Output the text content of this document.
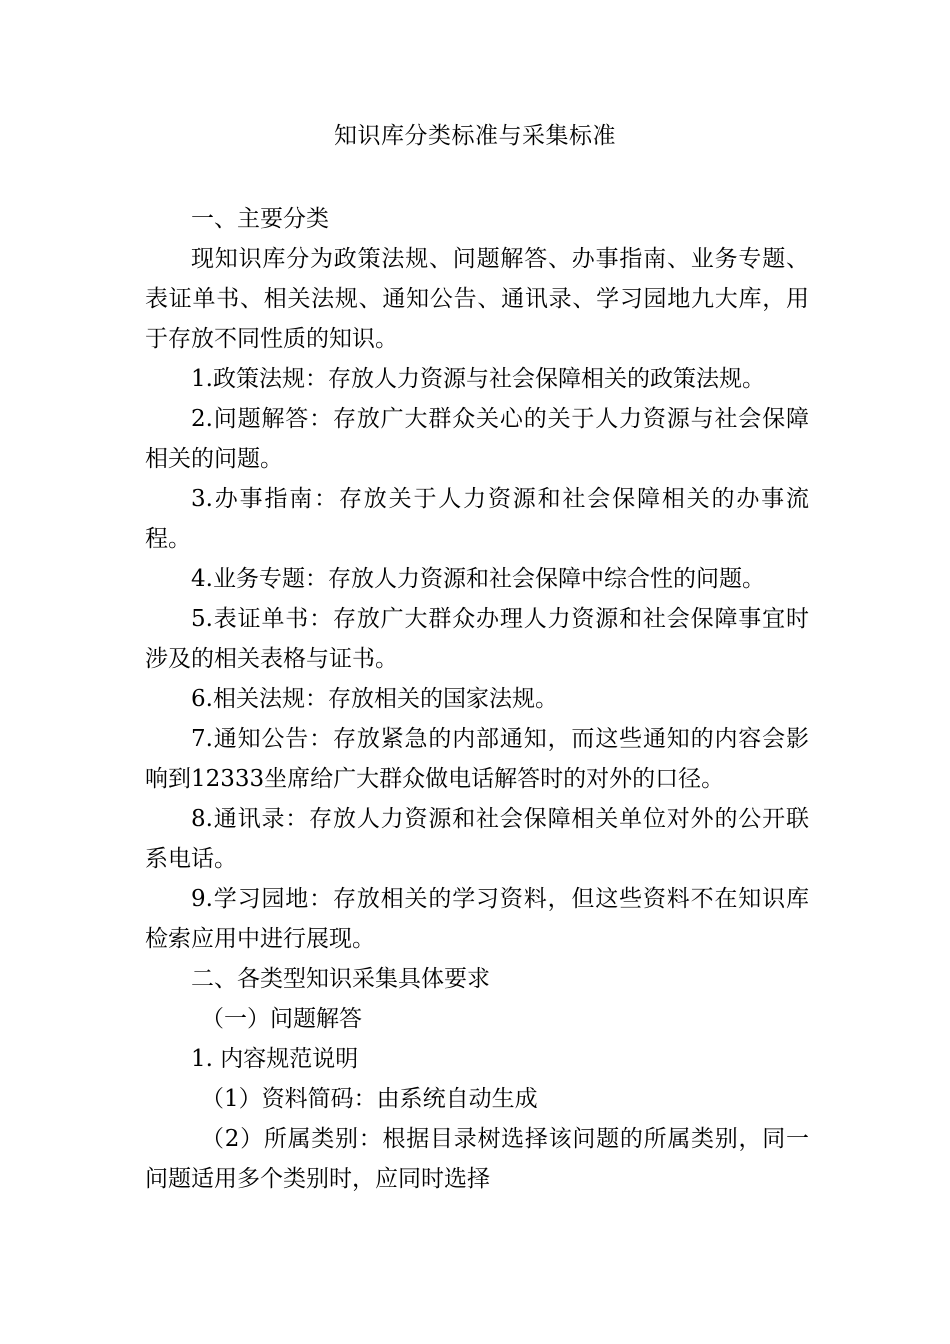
知识库分类标准与采集标准

一、主要分类

现知识库分为政策法规、问题解答、办事指南、业务专题、表证单书、相关法规、通知公告、通讯录、学习园地九大库，用于存放不同性质的知识。

1.政策法规：存放人力资源与社会保障相关的政策法规。

2.问题解答：存放广大群众关心的关于人力资源与社会保障相关的问题。

3.办事指南：存放关于人力资源和社会保障相关的办事流程。

4.业务专题：存放人力资源和社会保障中综合性的问题。

5.表证单书：存放广大群众办理人力资源和社会保障事宜时涉及的相关表格与证书。

6.相关法规：存放相关的国家法规。

7.通知公告：存放紧急的内部通知，而这些通知的内容会影响到12333坐席给广大群众做电话解答时的对外的口径。

8.通讯录：存放人力资源和社会保障相关单位对外的公开联系电话。

9.学习园地：存放相关的学习资料，但这些资料不在知识库检索应用中进行展现。

二、各类型知识采集具体要求

（一）问题解答

1. 内容规范说明

（1）资料简码：由系统自动生成

（2）所属类别：根据目录树选择该问题的所属类别，同一问题适用多个类别时，应同时选择
